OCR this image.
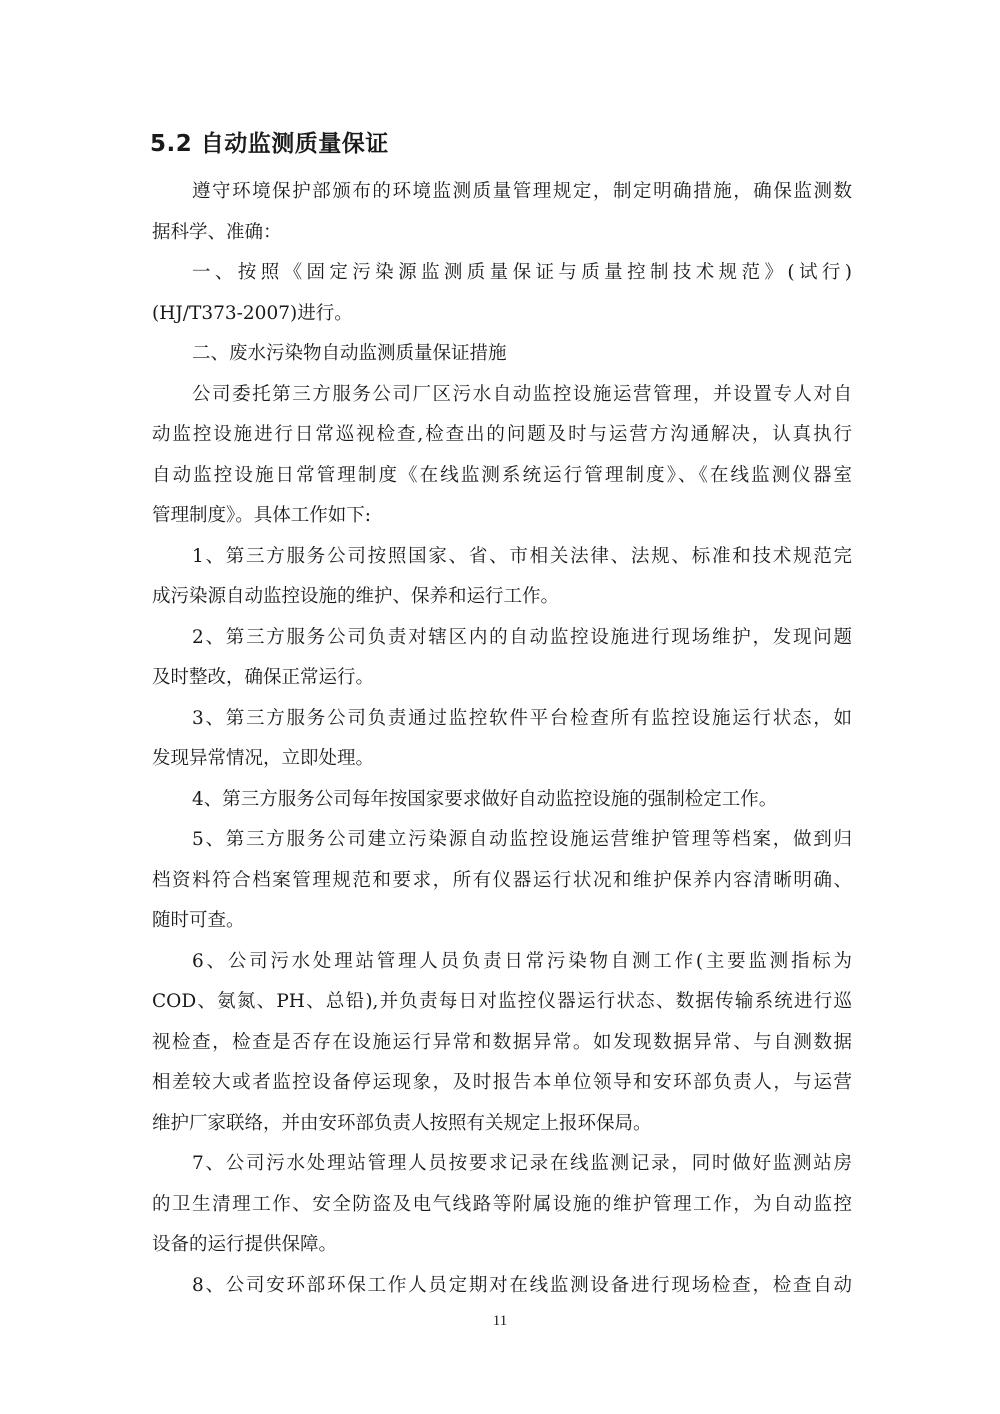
5.2 自动监测质量保证
遵守环境保护部颁布的环境监测质量管理规定，制定明确措施，确保监测数
据科学、准确：
一、按照《固定污染源监测质量保证与质量控制技术规范》(试行)
(HJ/T373-2007)进行。
二、废水污染物自动监测质量保证措施
公司委托第三方服务公司厂区污水自动监控设施运营管理，并设置专人对自
动监控设施进行日常巡视检查,检查出的问题及时与运营方沟通解决，认真执行
自动监控设施日常管理制度《在线监测系统运行管理制度》、《在线监测仪器室
管理制度》。具体工作如下:
1、第三方服务公司按照国家、省、市相关法律、法规、标准和技术规范完
成污染源自动监控设施的维护、保养和运行工作。
2、第三方服务公司负责对辖区内的自动监控设施进行现场维护，发现问题
及时整改，确保正常运行。
3、第三方服务公司负责通过监控软件平台检查所有监控设施运行状态，如
发现异常情况，立即处理。
4、第三方服务公司每年按国家要求做好自动监控设施的强制检定工作。
5、第三方服务公司建立污染源自动监控设施运营维护管理等档案，做到归
档资料符合档案管理规范和要求，所有仪器运行状况和维护保养内容清晰明确、
随时可查。
6、公司污水处理站管理人员负责日常污染物自测工作(主要监测指标为
COD、氨氮、PH、总铅),并负责每日对监控仪器运行状态、数据传输系统进行巡
视检查，检查是否存在设施运行异常和数据异常。如发现数据异常、与自测数据
相差较大或者监控设备停运现象，及时报告本单位领导和安环部负责人，与运营
维护厂家联络，并由安环部负责人按照有关规定上报环保局。
7、公司污水处理站管理人员按要求记录在线监测记录，同时做好监测站房
的卫生清理工作、安全防盗及电气线路等附属设施的维护管理工作，为自动监控
设备的运行提供保障。
8、公司安环部环保工作人员定期对在线监测设备进行现场检查，检查自动
11
